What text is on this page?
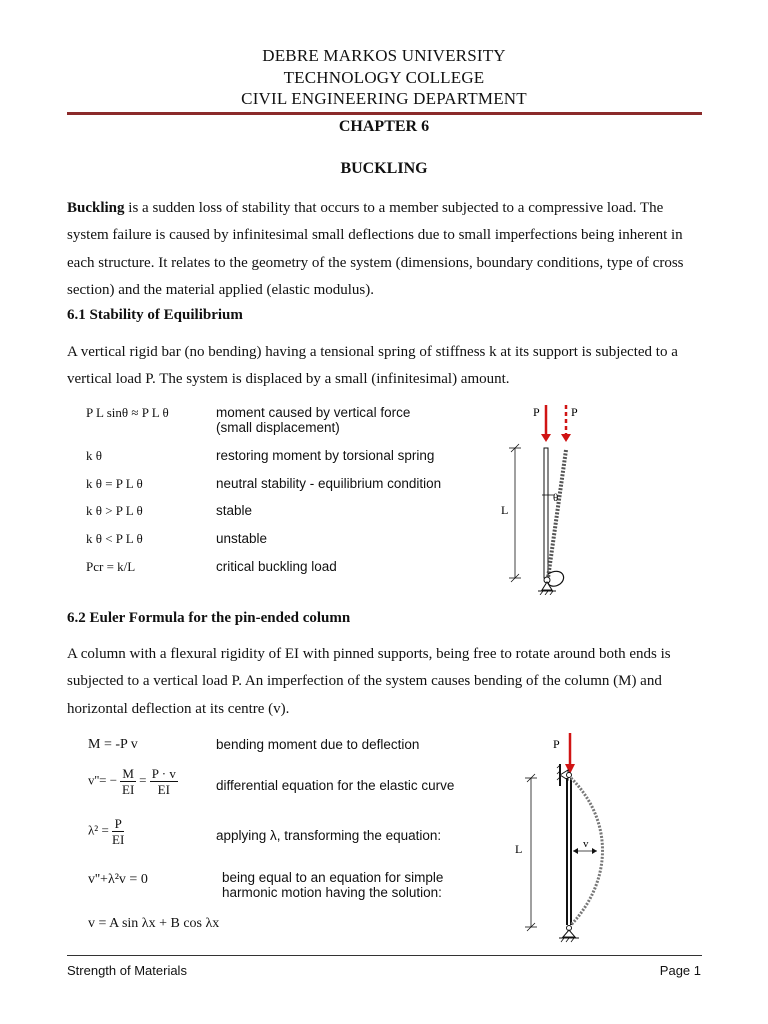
DEBRE MARKOS UNIVERSITY
TECHNOLOGY COLLEGE
CIVIL ENGINEERING DEPARTMENT
CHAPTER 6
BUCKLING
Buckling is a sudden loss of stability that occurs to a member subjected to a compressive load. The system failure is caused by infinitesimal small deflections due to small imperfections being inherent in each structure. It relates to the geometry of the system (dimensions, boundary conditions, type of cross section) and the material applied (elastic modulus).
6.1 Stability of Equilibrium
A vertical rigid bar (no bending) having a tensional spring of stiffness k at its support is subjected to a vertical load P. The system is displaced by a small (infinitesimal) amount.
P L sinθ ≈ P L θ	moment caused by vertical force
(small displacement)
k θ	restoring moment by torsional spring
k θ = P L θ	neutral stability - equilibrium condition
k θ > P L θ	stable
k θ < P L θ	unstable
Pcr = k/L	critical buckling load
P	P
θ
L
6.2 Euler Formula for the pin-ended column
A column with a flexural rigidity of EI with pinned supports, being free to rotate around both ends is subjected to a vertical load P. An imperfection of the system causes bending of the column (M) and horizontal deflection at its centre (v).
M = -P v	bending moment due to deflection
$v''= - \frac{M}{EI} = \frac{P \cdot v}{EI}$	differential equation for the elastic curve
$\lambda^2 = \frac{P}{EI}$	applying λ, transforming the equation:
v''+λ²v = 0	being equal to an equation for simple
harmonic motion having the solution:
v = A sin λx + B cos λx
P
v
L
Strength of Materials	Page 1
